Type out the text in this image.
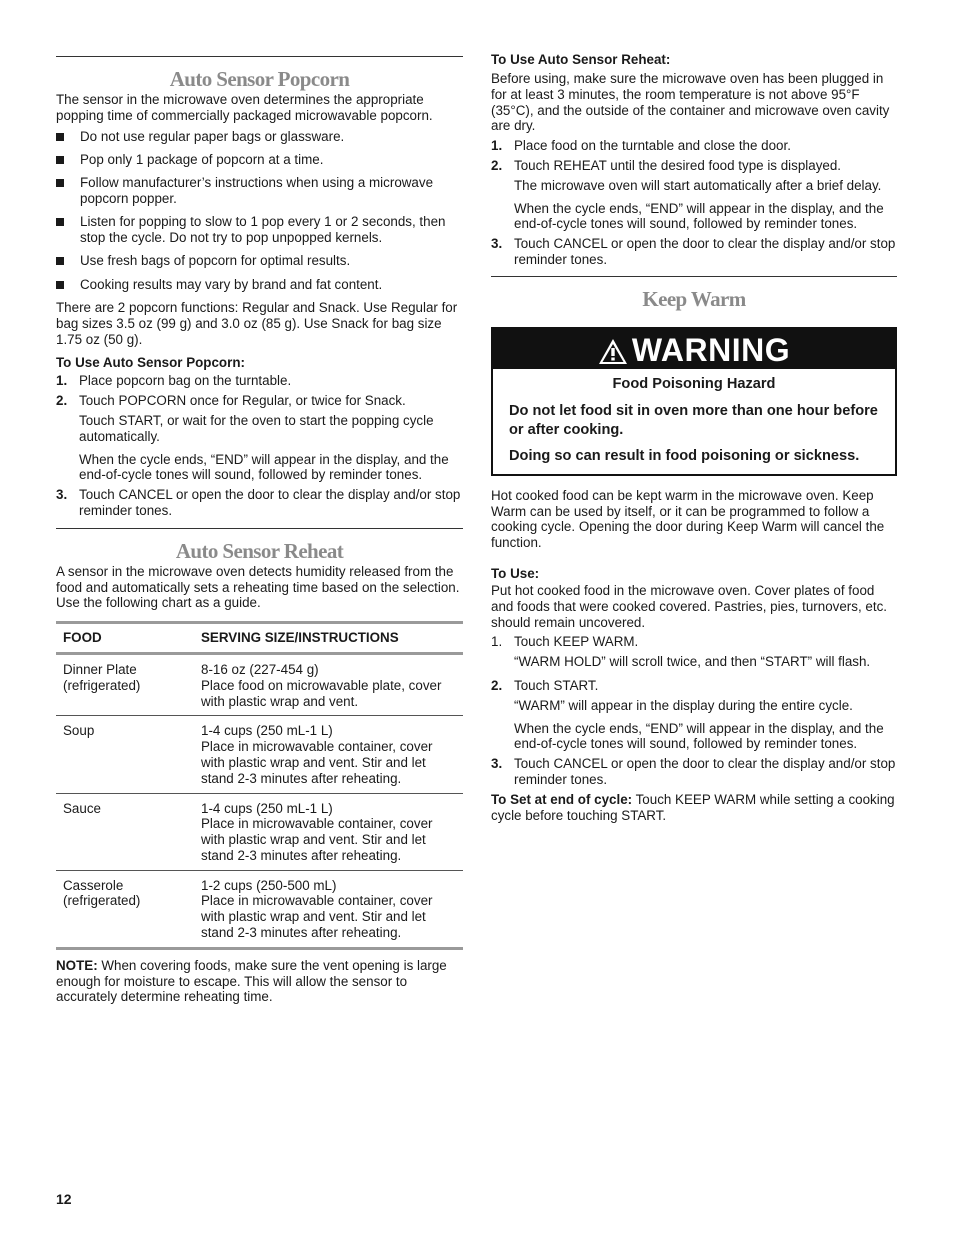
Auto Sensor Popcorn

The sensor in the microwave oven determines the appropriate popping time of commercially packaged microwavable popcorn.

Do not use regular paper bags or glassware.
Pop only 1 package of popcorn at a time.
Follow manufacturer’s instructions when using a microwave popcorn popper.
Listen for popping to slow to 1 pop every 1 or 2 seconds, then stop the cycle. Do not try to pop unpopped kernels.
Use fresh bags of popcorn for optimal results.
Cooking results may vary by brand and fat content.

There are 2 popcorn functions: Regular and Snack. Use Regular for bag sizes 3.5 oz (99 g) and 3.0 oz (85 g). Use Snack for bag size 1.75 oz (50 g).

To Use Auto Sensor Popcorn:

1. Place popcorn bag on the turntable.
2. Touch POPCORN once for Regular, or twice for Snack.
Touch START, or wait for the oven to start the popping cycle automatically.
When the cycle ends, “END” will appear in the display, and the end-of-cycle tones will sound, followed by reminder tones.
3. Touch CANCEL or open the door to clear the display and/or stop reminder tones.
Auto Sensor Reheat

A sensor in the microwave oven detects humidity released from the food and automatically sets a reheating time based on the selection. Use the following chart as a guide.

FOOD	SERVING SIZE/INSTRUCTIONS
Dinner Plate
(refrigerated)	8-16 oz (227-454 g)
Place food on microwavable plate, cover with plastic wrap and vent.
Soup	1-4 cups (250 mL-1 L)
Place in microwavable container, cover with plastic wrap and vent. Stir and let stand 2-3 minutes after reheating.
Sauce	1-4 cups (250 mL-1 L)
Place in microwavable container, cover with plastic wrap and vent. Stir and let stand 2-3 minutes after reheating.
Casserole
(refrigerated)	1-2 cups (250-500 mL)
Place in microwavable container, cover with plastic wrap and vent. Stir and let stand 2-3 minutes after reheating.

NOTE: When covering foods, make sure the vent opening is large enough for moisture to escape. This will allow the sensor to accurately determine reheating time.

To Use Auto Sensor Reheat:

Before using, make sure the microwave oven has been plugged in for at least 3 minutes, the room temperature is not above 95°F (35°C), and the outside of the container and microwave oven cavity are dry.

1. Place food on the turntable and close the door.
2. Touch REHEAT until the desired food type is displayed.
The microwave oven will start automatically after a brief delay.
When the cycle ends, “END” will appear in the display, and the end-of-cycle tones will sound, followed by reminder tones.
3. Touch CANCEL or open the door to clear the display and/or stop reminder tones.
Keep Warm
WARNING
Food Poisoning Hazard
Do not let food sit in oven more than one hour before or after cooking.
Doing so can result in food poisoning or sickness.

Hot cooked food can be kept warm in the microwave oven. Keep Warm can be used by itself, or it can be programmed to follow a cooking cycle. Opening the door during Keep Warm will cancel the function.

To Use:

Put hot cooked food in the microwave oven. Cover plates of food and foods that were cooked covered. Pastries, pies, turnovers, etc. should remain uncovered.

1. Touch KEEP WARM.
“WARM HOLD” will scroll twice, and then “START” will flash.
2. Touch START.
“WARM” will appear in the display during the entire cycle.
When the cycle ends, “END” will appear in the display, and the end-of-cycle tones will sound, followed by reminder tones.
3. Touch CANCEL or open the door to clear the display and/or stop reminder tones.

To Set at end of cycle: Touch KEEP WARM while setting a cooking cycle before touching START.

12
